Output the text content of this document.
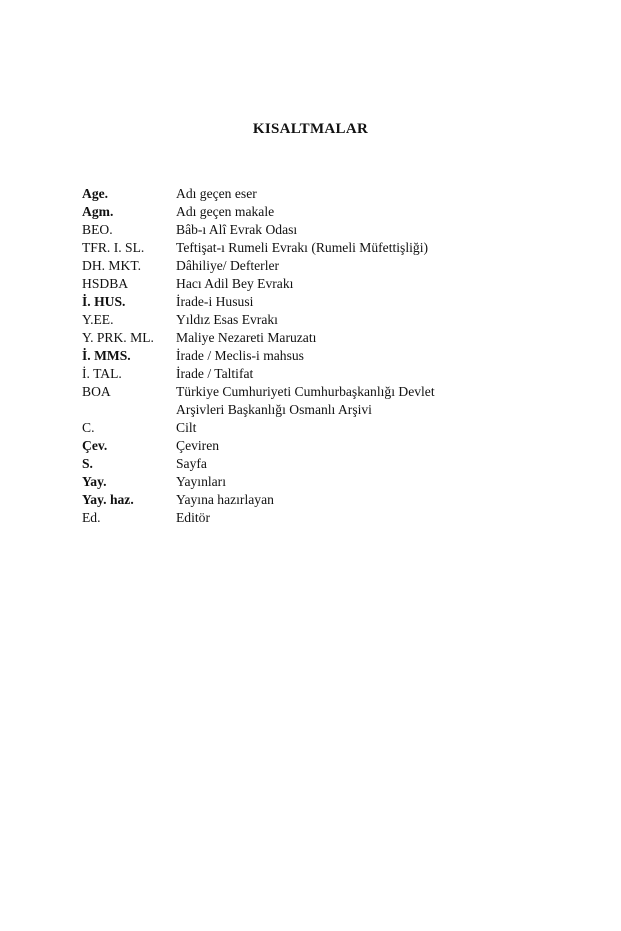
KISALTMALAR
Age.	Adı geçen eser
Agm.	Adı geçen makale
BEO.	Bâb-ı Alî Evrak Odası
TFR. I. SL.	Teftişat-ı Rumeli Evrakı (Rumeli Müfettişliği)
DH. MKT.	Dâhiliye/ Defterler
HSDBA	Hacı Adil Bey Evrakı
İ. HUS.	İrade-i Hususi
Y.EE.	Yıldız Esas Evrakı
Y. PRK. ML.	Maliye Nezareti Maruzatı
İ. MMS.	İrade / Meclis-i mahsus
İ. TAL.	İrade / Taltifat
BOA	Türkiye Cumhuriyeti Cumhurbaşkanlığı Devlet
Arşivleri Başkanlığı Osmanlı Arşivi
C.	Cilt
Çev.	Çeviren
S.	Sayfa
Yay.	Yayınları
Yay. haz.	Yayına hazırlayan
Ed.	Editör
